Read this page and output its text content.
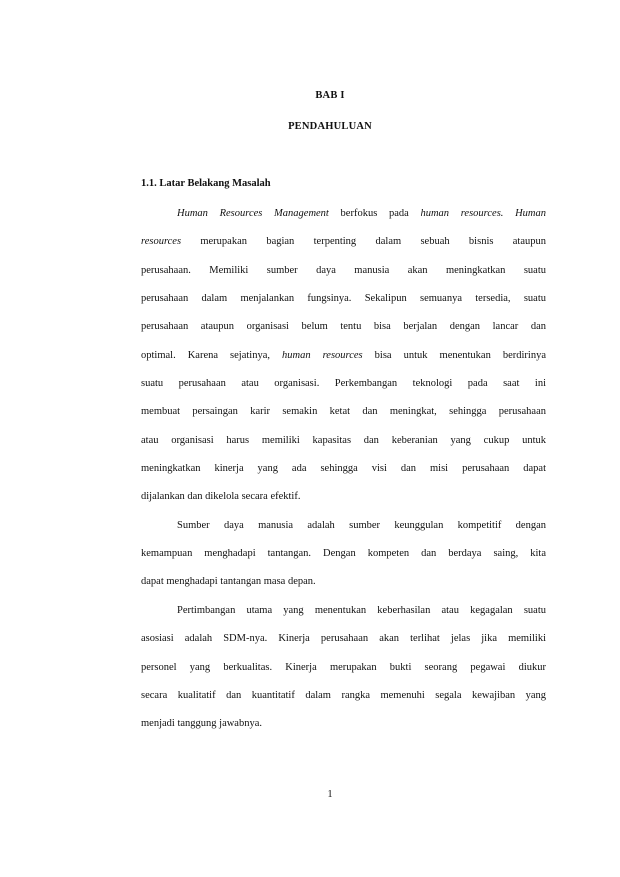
BAB I
PENDAHULUAN
1.1. Latar Belakang Masalah
Human Resources Management berfokus pada human resources. Human
resources merupakan bagian terpenting dalam sebuah bisnis ataupun
perusahaan. Memiliki sumber daya manusia akan meningkatkan suatu
perusahaan dalam menjalankan fungsinya. Sekalipun semuanya tersedia, suatu
perusahaan ataupun organisasi belum tentu bisa berjalan dengan lancar dan
optimal. Karena sejatinya, human resources bisa untuk menentukan berdirinya
suatu perusahaan atau organisasi. Perkembangan teknologi pada saat ini
membuat persaingan karir semakin ketat dan meningkat, sehingga perusahaan
atau organisasi harus memiliki kapasitas dan keberanian yang cukup untuk
meningkatkan kinerja yang ada sehingga visi dan misi perusahaan dapat
dijalankan dan dikelola secara efektif.
Sumber daya manusia adalah sumber keunggulan kompetitif dengan
kemampuan menghadapi tantangan. Dengan kompeten dan berdaya saing, kita
dapat menghadapi tantangan masa depan.
Pertimbangan utama yang menentukan keberhasilan atau kegagalan suatu
asosiasi adalah SDM-nya. Kinerja perusahaan akan terlihat jelas jika memiliki
personel yang berkualitas. Kinerja merupakan bukti seorang pegawai diukur
secara kualitatif dan kuantitatif dalam rangka memenuhi segala kewajiban yang
menjadi tanggung jawabnya.
1
